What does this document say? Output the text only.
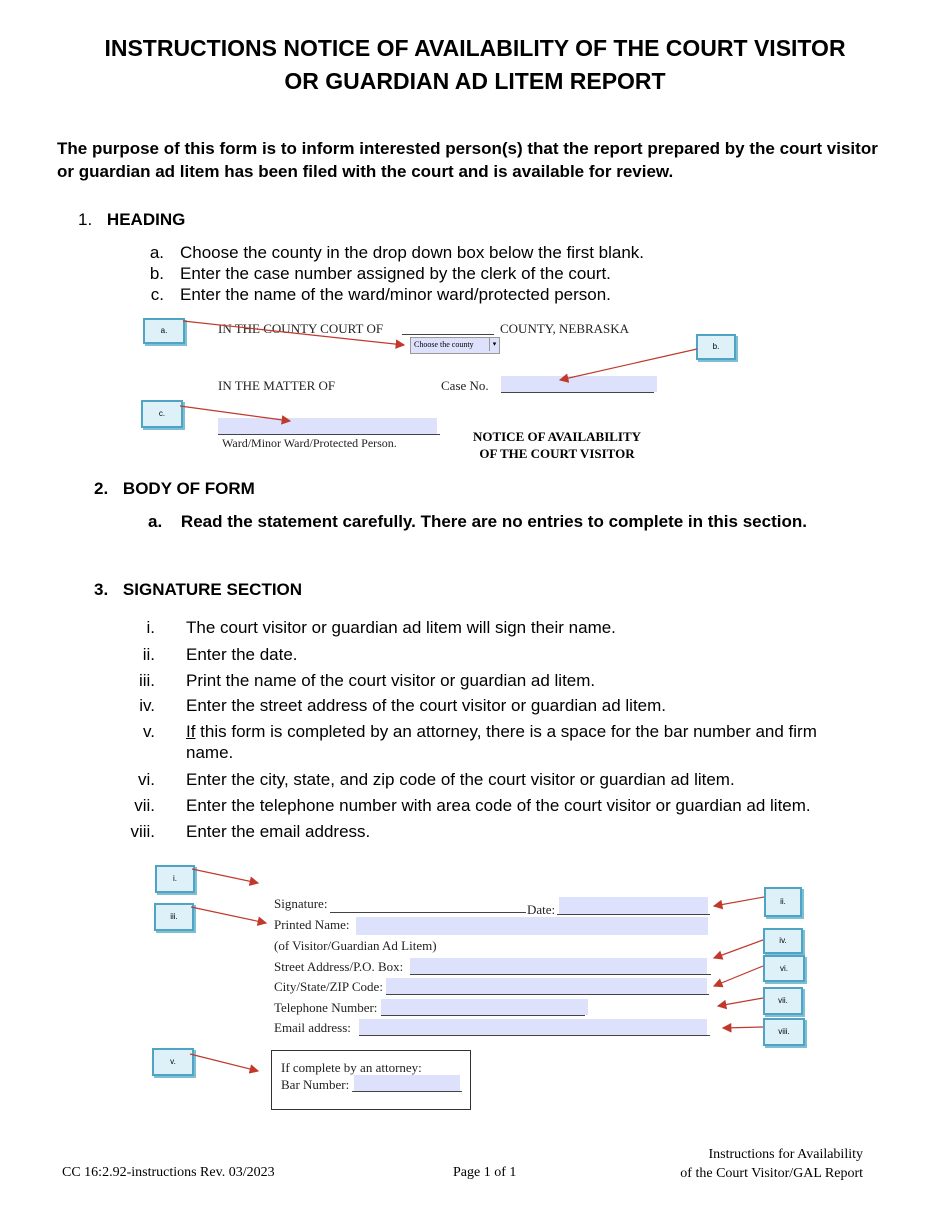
INSTRUCTIONS NOTICE OF AVAILABILITY OF THE COURT VISITOR
OR GUARDIAN AD LITEM REPORT
The purpose of this form is to inform interested person(s) that the report prepared by the court visitor or guardian ad litem has been filed with the court and is available for review.
1. HEADING
a. Choose the county in the drop down box below the first blank.
b. Enter the case number assigned by the clerk of the court.
c. Enter the name of the ward/minor ward/protected person.
IN THE COUNTY COURT OF	COUNTY, NEBRASKA
Choose the county	▾
IN THE MATTER OF	Case No.
Ward/Minor Ward/Protected Person.	NOTICE OF AVAILABILITY
OF THE COURT VISITOR
a.
b.
c.
2. BODY OF FORM
a. Read the statement carefully. There are no entries to complete in this section.
3. SIGNATURE SECTION
i. The court visitor or guardian ad litem will sign their name.
ii. Enter the date.
iii. Print the name of the court visitor or guardian ad litem.
iv. Enter the street address of the court visitor or guardian ad litem.
v. If this form is completed by an attorney, there is a space for the bar number and firm name.
vi. Enter the city, state, and zip code of the court visitor or guardian ad litem.
vii. Enter the telephone number with area code of the court visitor or guardian ad litem.
viii. Enter the email address.
Signature:	Date:
Printed Name:
(of Visitor/Guardian Ad Litem)
Street Address/P.O. Box:
City/State/ZIP Code:
Telephone Number:
Email address:
If complete by an attorney:
Bar Number:
i.
iii.
ii.
iv.
vi.
vii.
viii.
v.
CC 16:2.92-instructions Rev. 03/2023	Page 1 of 1
Instructions for Availability
of the Court Visitor/GAL Report
